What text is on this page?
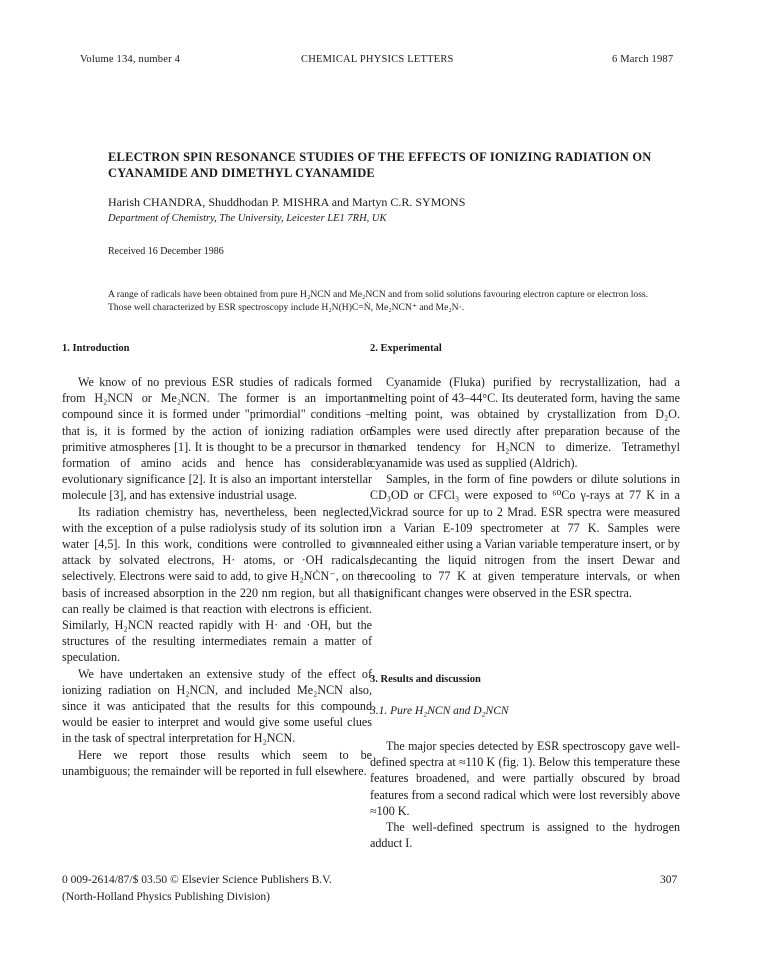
Volume 134, number 4	CHEMICAL PHYSICS LETTERS	6 March 1987
ELECTRON SPIN RESONANCE STUDIES OF THE EFFECTS OF IONIZING RADIATION ON CYANAMIDE AND DIMETHYL CYANAMIDE
Harish CHANDRA, Shuddhodan P. MISHRA and Martyn C.R. SYMONS
Department of Chemistry, The University, Leicester LE1 7RH, UK
Received 16 December 1986
A range of radicals have been obtained from pure H₂NCN and Me₂NCN and from solid solutions favouring electron capture or electron loss. Those well characterized by ESR spectroscopy include H₂N(H)C=Ṅ, Me₂NCN⁺ and Me₂N·.
1. Introduction

We know of no previous ESR studies of radicals formed from H₂NCN or Me₂NCN. The former is an important compound since it is formed under "primordial" conditions – that is, it is formed by the action of ionizing radiation on primitive atmospheres [1]. It is thought to be a precursor in the formation of amino acids and hence has considerable evolutionary significance [2]. It is also an important interstellar molecule [3], and has extensive industrial usage.

Its radiation chemistry has, nevertheless, been neglected, with the exception of a pulse radiolysis study of its solution in water [4,5]. In this work, conditions were controlled to give attack by solvated electrons, H· atoms, or ·OH radicals, selectively. Electrons were said to add, to give H₂NĊN⁻, on the basis of increased absorption in the 220 nm region, but all that can really be claimed is that reaction with electrons is efficient. Similarly, H₂NCN reacted rapidly with H· and ·OH, but the structures of the resulting intermediates remain a matter of speculation.

We have undertaken an extensive study of the effect of ionizing radiation on H₂NCN, and included Me₂NCN also, since it was anticipated that the results for this compound would be easier to interpret and would give some useful clues in the task of spectral interpretation for H₂NCN.

Here we report those results which seem to be unambiguous; the remainder will be reported in full elsewhere.

2. Experimental

Cyanamide (Fluka) purified by recrystallization, had a melting point of 43–44°C. Its deuterated form, having the same melting point, was obtained by crystallization from D₂O. Samples were used directly after preparation because of the marked tendency for H₂NCN to dimerize. Tetramethyl cyanamide was used as supplied (Aldrich).

Samples, in the form of fine powders or dilute solutions in CD₃OD or CFCl₃ were exposed to ⁶⁰Co γ-rays at 77 K in a Vickrad source for up to 2 Mrad. ESR spectra were measured on a Varian E-109 spectrometer at 77 K. Samples were annealed either using a Varian variable temperature insert, or by decanting the liquid nitrogen from the insert Dewar and recooling to 77 K at given temperature intervals, or when significant changes were observed in the ESR spectra.

3. Results and discussion
3.1. Pure H₂NCN and D₂NCN

The major species detected by ESR spectroscopy gave well-defined spectra at ≈110 K (fig. 1). Below this temperature these features broadened, and were partially obscured by broad features from a second radical which were lost reversibly above ≈100 K.

The well-defined spectrum is assigned to the hydrogen adduct I.

0 009-2614/87/$ 03.50 © Elsevier Science Publishers B.V.
(North-Holland Physics Publishing Division)
307
